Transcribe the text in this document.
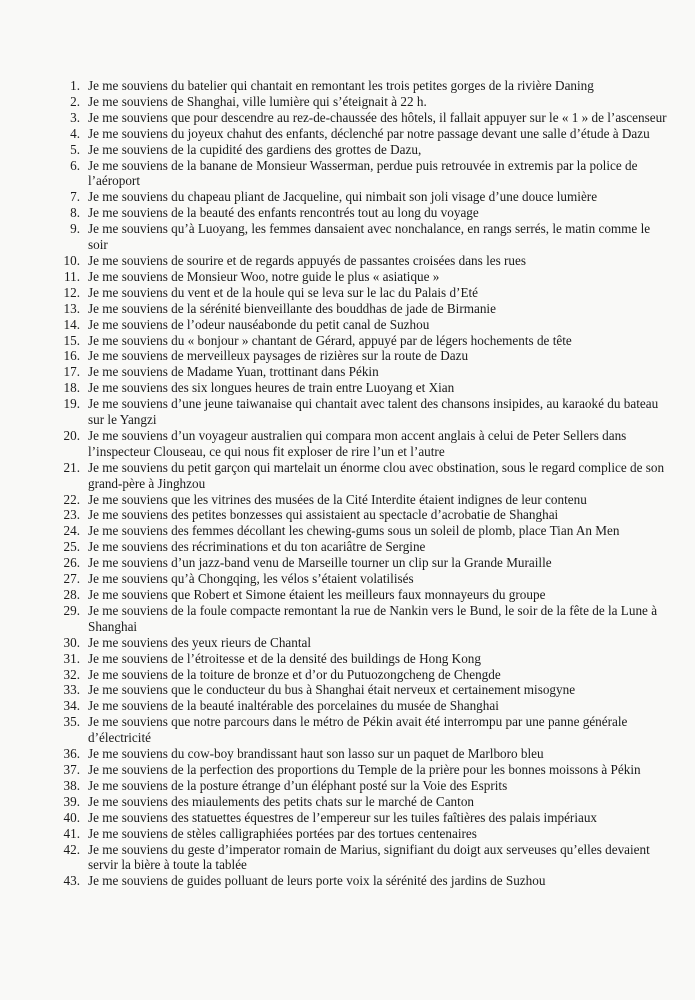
1. Je me souviens du batelier qui chantait en remontant les trois petites gorges de la rivière Daning
2. Je me souviens de Shanghai, ville lumière qui s’éteignait à 22 h.
3. Je me souviens que pour descendre au rez-de-chaussée des hôtels, il fallait appuyer sur le « 1 » de l’ascenseur
4. Je me souviens du joyeux chahut des enfants, déclenché par notre passage devant une salle d’étude à Dazu
5. Je me souviens de la cupidité des gardiens des grottes de Dazu,
6. Je me souviens de la banane de Monsieur Wasserman, perdue puis retrouvée in extremis par la police de l’aéroport
7. Je me souviens du chapeau pliant de Jacqueline, qui nimbait son joli visage d’une douce lumière
8. Je me souviens de la beauté des enfants rencontrés tout au long du voyage
9. Je me souviens qu’à Luoyang, les femmes dansaient avec nonchalance, en rangs serrés, le matin comme le soir
10. Je me souviens de sourire et de regards appuyés de passantes croisées dans les rues
11. Je me souviens de Monsieur Woo, notre guide le plus « asiatique »
12. Je me souviens du vent et de la houle qui se leva sur le lac du Palais d’Eté
13. Je me souviens de la sérénité bienveillante des bouddhas de jade de Birmanie
14. Je me souviens de l’odeur nauséabonde du petit canal de Suzhou
15. Je me souviens du « bonjour » chantant de Gérard, appuyé par de légers hochements de tête
16. Je me souviens de merveilleux paysages de rizières sur la route de Dazu
17. Je me souviens de Madame Yuan, trottinant dans Pékin
18. Je me souviens des six longues heures de train entre Luoyang et Xian
19. Je me souviens d’une jeune taiwanaise qui chantait avec talent des chansons insipides, au karaoké du bateau sur le Yangzi
20. Je me souviens d’un voyageur australien qui compara mon accent anglais à celui de Peter Sellers dans l’inspecteur Clouseau, ce qui nous fit exploser de rire l’un et l’autre
21. Je me souviens du petit garçon qui martelait un énorme clou avec obstination, sous le regard complice de son grand-père à Jinghzou
22. Je me souviens que les vitrines des musées de la Cité Interdite étaient indignes de leur contenu
23. Je me souviens des petites bonzesses qui assistaient au spectacle d’acrobatie de Shanghai
24. Je me souviens des femmes décollant les chewing-gums sous un soleil de plomb, place Tian An Men
25. Je me souviens des récriminations et du ton acariâtre de Sergine
26. Je me souviens d’un jazz-band venu de Marseille tourner un clip sur la Grande Muraille
27. Je me souviens qu’à Chongqing, les vélos s’étaient volatilisés
28. Je me souviens que Robert et Simone étaient les meilleurs faux monnayeurs du groupe
29. Je me souviens de la foule compacte remontant la rue de Nankin vers le Bund, le soir de la fête de la Lune à Shanghai
30. Je me souviens des yeux rieurs de Chantal
31. Je me souviens de l’étroitesse et de la densité des buildings de Hong Kong
32. Je me souviens de la toiture de bronze et d’or du Putuozongcheng de Chengde
33. Je me souviens que le conducteur du bus à Shanghai était nerveux et certainement misogyne
34. Je me souviens de la beauté inaltérable des porcelaines du musée de Shanghai
35. Je me souviens que notre parcours dans le métro de Pékin avait été interrompu par une panne générale d’électricité
36. Je me souviens du cow-boy brandissant haut son lasso sur un paquet de Marlboro bleu
37. Je me souviens de la perfection des proportions du Temple de la prière pour les bonnes moissons à Pékin
38. Je me souviens de la posture étrange d’un éléphant posté sur la Voie des Esprits
39. Je me souviens des miaulements des petits chats sur le marché de Canton
40. Je me souviens des statuettes équestres de l’empereur sur les tuiles faîtières des palais impériaux
41. Je me souviens de stèles calligraphiées portées par des tortues centenaires
42. Je me souviens du geste d’imperator romain de Marius, signifiant du doigt aux serveuses qu’elles devaient servir la bière à toute la tablée
43. Je me souviens de guides polluant de leurs porte voix la sérénité des jardins de Suzhou
